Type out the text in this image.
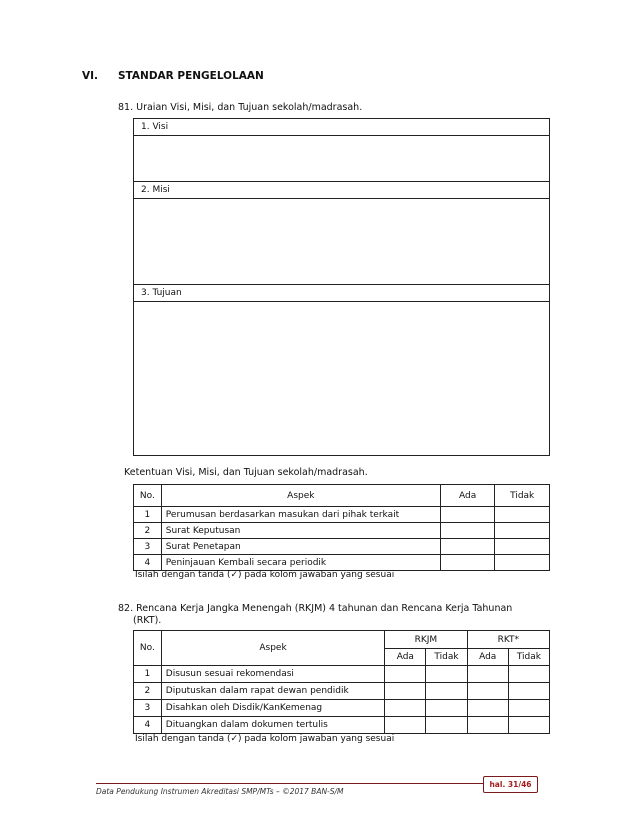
VI. STANDAR PENGELOLAAN
81. Uraian Visi, Misi, dan Tujuan sekolah/madrasah.
1. Visi

2. Misi

3. Tujuan

Ketentuan Visi, Misi, dan Tujuan sekolah/madrasah.
No.	Aspek	Ada	Tidak
1	Perumusan berdasarkan masukan dari pihak terkait		
2	Surat Keputusan		
3	Surat Penetapan		
4	Peninjauan Kembali secara periodik		
Isilah dengan tanda (✓) pada kolom jawaban yang sesuai
82. Rencana Kerja Jangka Menengah (RKJM) 4 tahunan dan Rencana Kerja Tahunan
(RKT).
No.	Aspek	RKJM		RKT*	
		Ada	Tidak	Ada	Tidak
1	Disusun sesuai rekomendasi				
2	Diputuskan dalam rapat dewan pendidik				
3	Disahkan oleh Disdik/KanKemenag				
4	Dituangkan dalam dokumen tertulis				
Isilah dengan tanda (✓) pada kolom jawaban yang sesuai
hal. 31/46
Data Pendukung Instrumen Akreditasi SMP/MTs – ©2017 BAN-S/M
